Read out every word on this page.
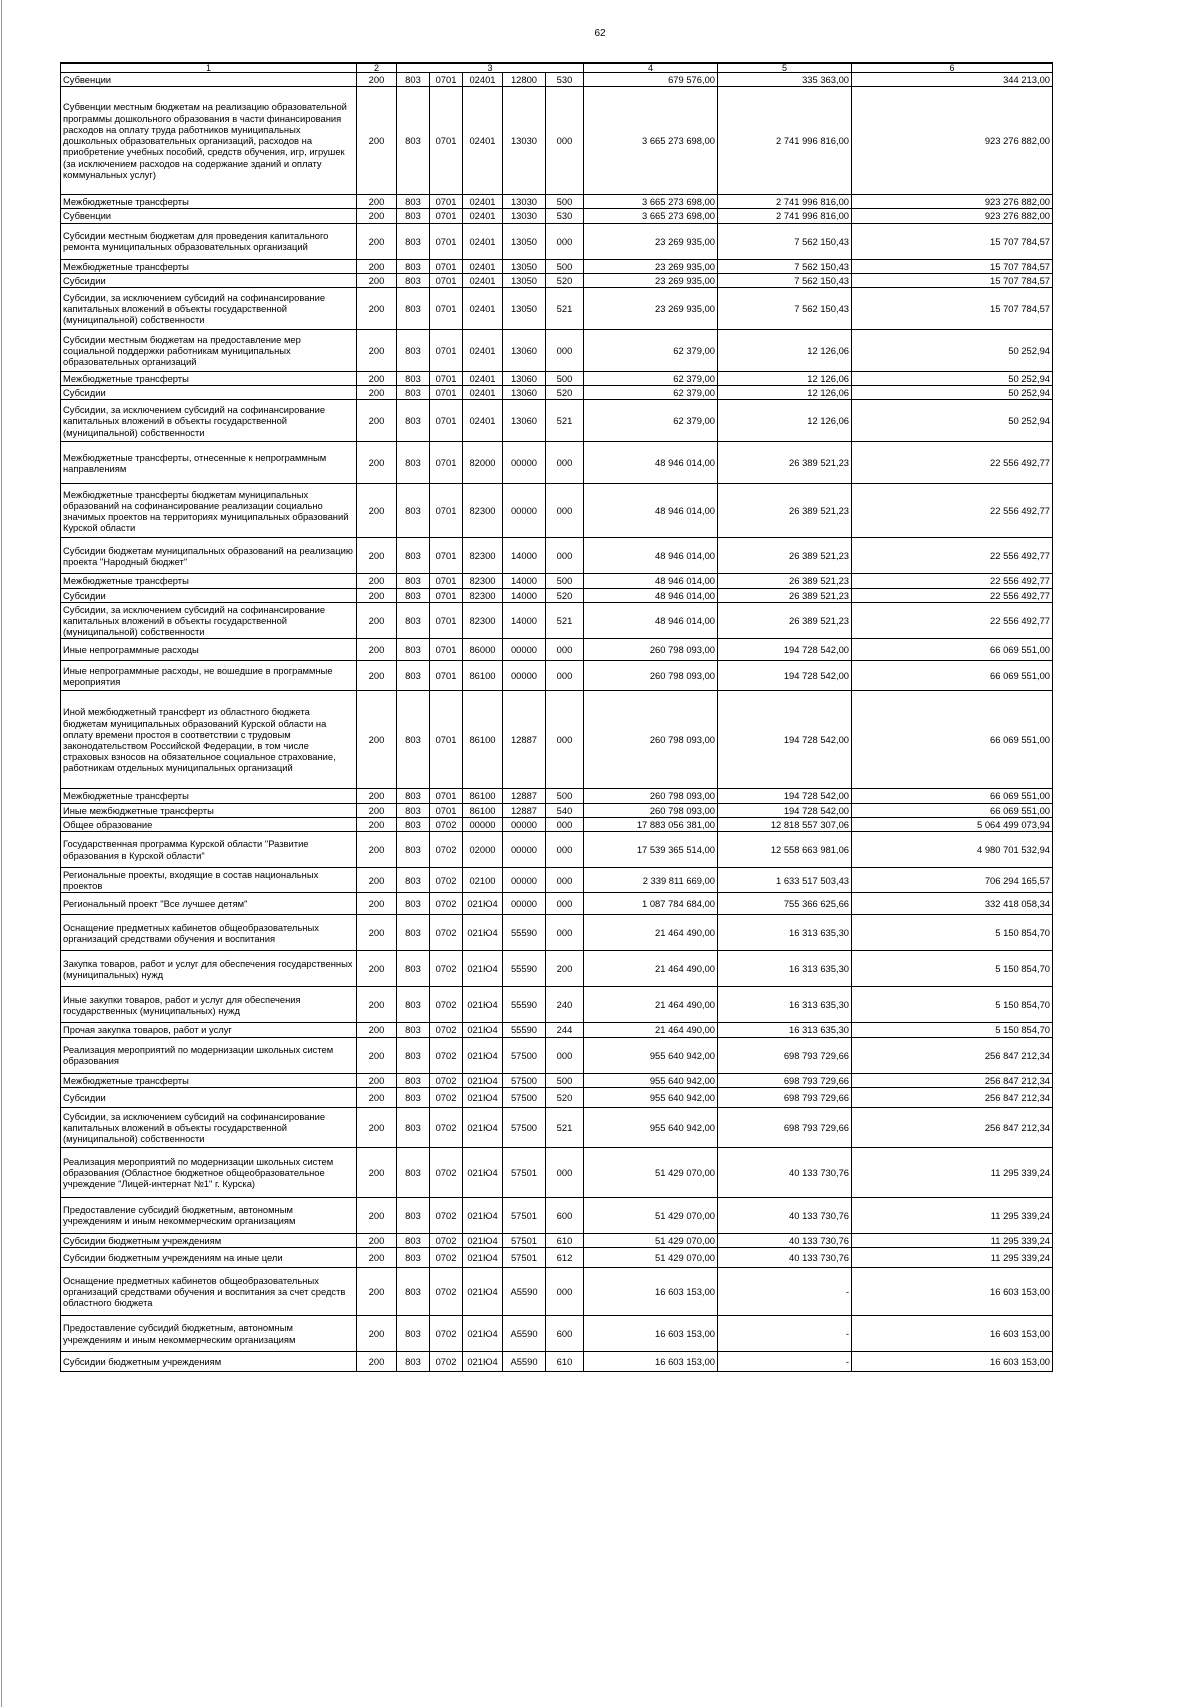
62
1	2	3					4	5	6
Субвенции	200	803	0701	02401	12800	530	679 576,00	335 363,00	344 213,00
Субвенции местным бюджетам на реализацию образовательной программы дошкольного образования в части финансирования расходов на оплату труда работников муниципальных дошкольных образовательных организаций, расходов на приобретение учебных пособий, средств обучения, игр, игрушек (за исключением расходов на содержание зданий и оплату коммунальных услуг)	200	803	0701	02401	13030	000	3 665 273 698,00	2 741 996 816,00	923 276 882,00
Межбюджетные трансферты	200	803	0701	02401	13030	500	3 665 273 698,00	2 741 996 816,00	923 276 882,00
Субвенции	200	803	0701	02401	13030	530	3 665 273 698,00	2 741 996 816,00	923 276 882,00
Субсидии местным бюджетам для проведения капитального ремонта муниципальных образовательных организаций	200	803	0701	02401	13050	000	23 269 935,00	7 562 150,43	15 707 784,57
Межбюджетные трансферты	200	803	0701	02401	13050	500	23 269 935,00	7 562 150,43	15 707 784,57
Субсидии	200	803	0701	02401	13050	520	23 269 935,00	7 562 150,43	15 707 784,57
Субсидии, за исключением субсидий на софинансирование капитальных вложений в объекты государственной (муниципальной) собственности	200	803	0701	02401	13050	521	23 269 935,00	7 562 150,43	15 707 784,57
Субсидии местным бюджетам на предоставление мер социальной поддержки работникам муниципальных образовательных организаций	200	803	0701	02401	13060	000	62 379,00	12 126,06	50 252,94
Межбюджетные трансферты	200	803	0701	02401	13060	500	62 379,00	12 126,06	50 252,94
Субсидии	200	803	0701	02401	13060	520	62 379,00	12 126,06	50 252,94
Субсидии, за исключением субсидий на софинансирование капитальных вложений в объекты государственной (муниципальной) собственности	200	803	0701	02401	13060	521	62 379,00	12 126,06	50 252,94
Межбюджетные трансферты, отнесенные к непрограммным направлениям	200	803	0701	82000	00000	000	48 946 014,00	26 389 521,23	22 556 492,77
Межбюджетные трансферты бюджетам муниципальных образований на софинансирование реализации социально значимых проектов на территориях муниципальных образований Курской области	200	803	0701	82300	00000	000	48 946 014,00	26 389 521,23	22 556 492,77
Субсидии бюджетам муниципальных образований на реализацию проекта "Народный бюджет"	200	803	0701	82300	14000	000	48 946 014,00	26 389 521,23	22 556 492,77
Межбюджетные трансферты	200	803	0701	82300	14000	500	48 946 014,00	26 389 521,23	22 556 492,77
Субсидии	200	803	0701	82300	14000	520	48 946 014,00	26 389 521,23	22 556 492,77
Субсидии, за исключением субсидий на софинансирование капитальных вложений в объекты государственной (муниципальной) собственности	200	803	0701	82300	14000	521	48 946 014,00	26 389 521,23	22 556 492,77
Иные непрограммные расходы	200	803	0701	86000	00000	000	260 798 093,00	194 728 542,00	66 069 551,00
Иные непрограммные расходы, не вошедшие в программные мероприятия	200	803	0701	86100	00000	000	260 798 093,00	194 728 542,00	66 069 551,00
Иной межбюджетный трансферт из областного бюджета бюджетам муниципальных образований Курской области на оплату времени простоя в соответствии с трудовым законодательством Российской Федерации, в том числе страховых взносов на обязательное социальное страхование, работникам отдельных муниципальных организаций	200	803	0701	86100	12887	000	260 798 093,00	194 728 542,00	66 069 551,00
Межбюджетные трансферты	200	803	0701	86100	12887	500	260 798 093,00	194 728 542,00	66 069 551,00
Иные межбюджетные трансферты	200	803	0701	86100	12887	540	260 798 093,00	194 728 542,00	66 069 551,00
Общее образование	200	803	0702	00000	00000	000	17 883 056 381,00	12 818 557 307,06	5 064 499 073,94
Государственная программа Курской области "Развитие образования в Курской области"	200	803	0702	02000	00000	000	17 539 365 514,00	12 558 663 981,06	4 980 701 532,94
Региональные проекты, входящие в состав национальных проектов	200	803	0702	02100	00000	000	2 339 811 669,00	1 633 517 503,43	706 294 165,57
Региональный проект "Все лучшее детям"	200	803	0702	021Ю4	00000	000	1 087 784 684,00	755 366 625,66	332 418 058,34
Оснащение предметных кабинетов общеобразовательных организаций средствами обучения и воспитания	200	803	0702	021Ю4	55590	000	21 464 490,00	16 313 635,30	5 150 854,70
Закупка товаров, работ и услуг для обеспечения государственных (муниципальных) нужд	200	803	0702	021Ю4	55590	200	21 464 490,00	16 313 635,30	5 150 854,70
Иные закупки товаров, работ и услуг для обеспечения государственных (муниципальных) нужд	200	803	0702	021Ю4	55590	240	21 464 490,00	16 313 635,30	5 150 854,70
Прочая закупка товаров, работ и услуг	200	803	0702	021Ю4	55590	244	21 464 490,00	16 313 635,30	5 150 854,70
Реализация мероприятий по модернизации школьных систем образования	200	803	0702	021Ю4	57500	000	955 640 942,00	698 793 729,66	256 847 212,34
Межбюджетные трансферты	200	803	0702	021Ю4	57500	500	955 640 942,00	698 793 729,66	256 847 212,34
Субсидии	200	803	0702	021Ю4	57500	520	955 640 942,00	698 793 729,66	256 847 212,34
Субсидии, за исключением субсидий на софинансирование капитальных вложений в объекты государственной (муниципальной) собственности	200	803	0702	021Ю4	57500	521	955 640 942,00	698 793 729,66	256 847 212,34
Реализация мероприятий по модернизации школьных систем образования (Областное бюджетное общеобразовательное учреждение "Лицей-интернат №1" г. Курска)	200	803	0702	021Ю4	57501	000	51 429 070,00	40 133 730,76	11 295 339,24
Предоставление субсидий бюджетным, автономным учреждениям и иным некоммерческим организациям	200	803	0702	021Ю4	57501	600	51 429 070,00	40 133 730,76	11 295 339,24
Субсидии бюджетным учреждениям	200	803	0702	021Ю4	57501	610	51 429 070,00	40 133 730,76	11 295 339,24
Субсидии бюджетным учреждениям на иные цели	200	803	0702	021Ю4	57501	612	51 429 070,00	40 133 730,76	11 295 339,24
Оснащение предметных кабинетов общеобразовательных организаций средствами обучения и воспитания за счет средств областного бюджета	200	803	0702	021Ю4	А5590	000	16 603 153,00	-	16 603 153,00
Предоставление субсидий бюджетным, автономным учреждениям и иным некоммерческим организациям	200	803	0702	021Ю4	А5590	600	16 603 153,00	-	16 603 153,00
Субсидии бюджетным учреждениям	200	803	0702	021Ю4	А5590	610	16 603 153,00	-	16 603 153,00
